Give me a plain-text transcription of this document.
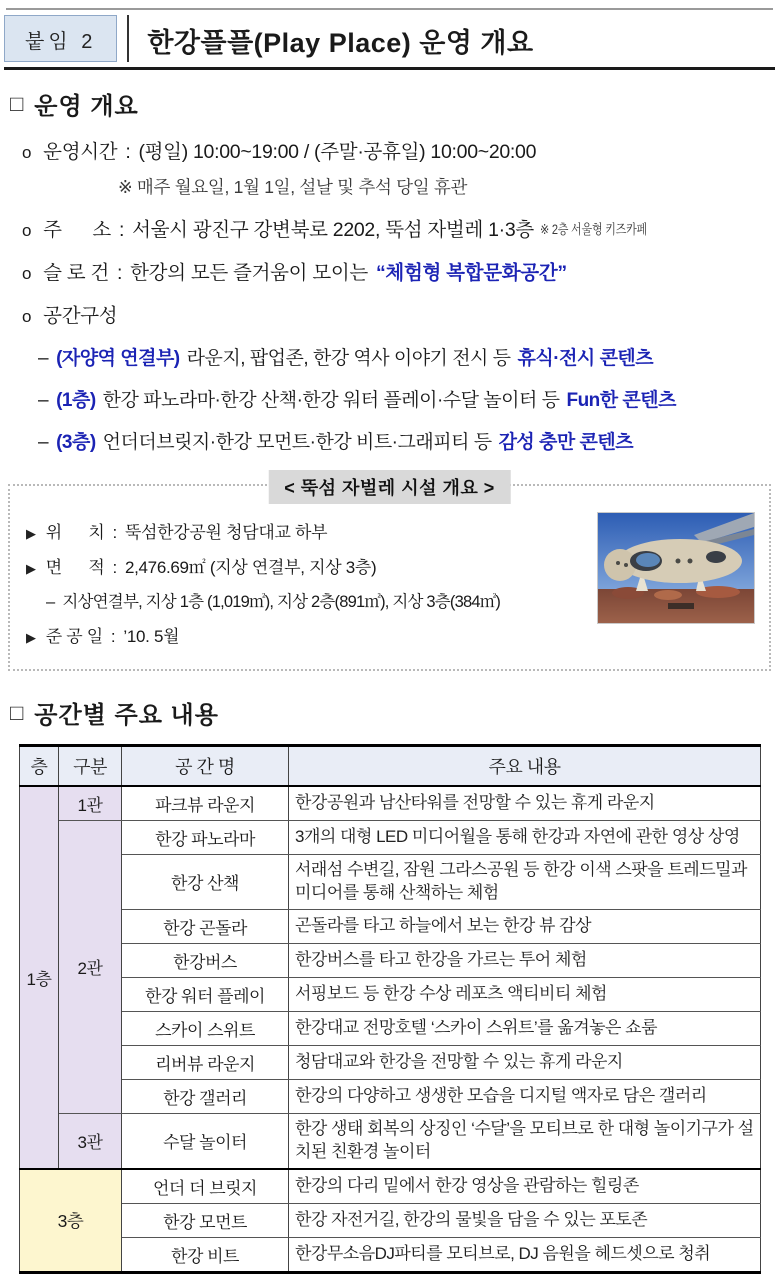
붙임 2	한강플플(Play Place) 운영 개요
□ 운영 개요
o 운영시간 : (평일) 10:00~19:00 / (주말·공휴일) 10:00~20:00
※ 매주 월요일, 1월 1일, 설날 및 추석 당일 휴관
o 주      소 : 서울시 광진구 강변북로 2202, 뚝섬 자벌레 1·3층 ※ 2층 서울형 키즈카페
o 슬 로 건 : 한강의 모든 즐거움이 모이는 “체험형 복합문화공간”
o 공간구성
– (자양역 연결부) 라운지, 팝업존, 한강 역사 이야기 전시 등 휴식·전시 콘텐츠
– (1층) 한강 파노라마·한강 산책·한강 워터 플레이·수달 놀이터 등 Fun한 콘텐츠
– (3층) 언더더브릿지·한강 모먼트·한강 비트·그래피티 등 감성 충만 콘텐츠
< 뚝섬 자벌레 시설 개요 >
▶ 위      치 : 뚝섬한강공원 청담대교 하부
▶ 면      적 : 2,476.69㎡ (지상 연결부, 지상 3층)
– 지상연결부, 지상 1층 (1,019㎡), 지상 2층(891㎡), 지상 3층(384㎡)
▶ 준 공 일 : ’10. 5월
□ 공간별 주요 내용
층	구분	공 간 명	주요 내용
1층	1관	파크뷰 라운지	한강공원과 남산타워를 전망할 수 있는 휴게 라운지
	2관	한강 파노라마	3개의 대형 LED 미디어월을 통해 한강과 자연에 관한 영상 상영
		한강 산책	서래섬 수변길, 잠원 그라스공원 등 한강 이색 스팟을 트레드밀과 미디어를 통해 산책하는 체험
		한강 곤돌라	곤돌라를 타고 하늘에서 보는 한강 뷰 감상
		한강버스	한강버스를 타고 한강을 가르는 투어 체험
		한강 워터 플레이	서핑보드 등 한강 수상 레포츠 액티비티 체험
		스카이 스위트	한강대교 전망호텔 ‘스카이 스위트’를 옮겨놓은 쇼룸
		리버뷰 라운지	청담대교와 한강을 전망할 수 있는 휴게 라운지
		한강 갤러리	한강의 다양하고 생생한 모습을 디지털 액자로 담은 갤러리
	3관	수달 놀이터	한강 생태 회복의 상징인 ‘수달’을 모티브로 한 대형 놀이기구가 설치된 친환경 놀이터
3층		언더 더 브릿지	한강의 다리 밑에서 한강 영상을 관람하는 힐링존
		한강 모먼트	한강 자전거길, 한강의 물빛을 담을 수 있는 포토존
		한강 비트	한강무소음DJ파티를 모티브로, DJ 음원을 헤드셋으로 청취
